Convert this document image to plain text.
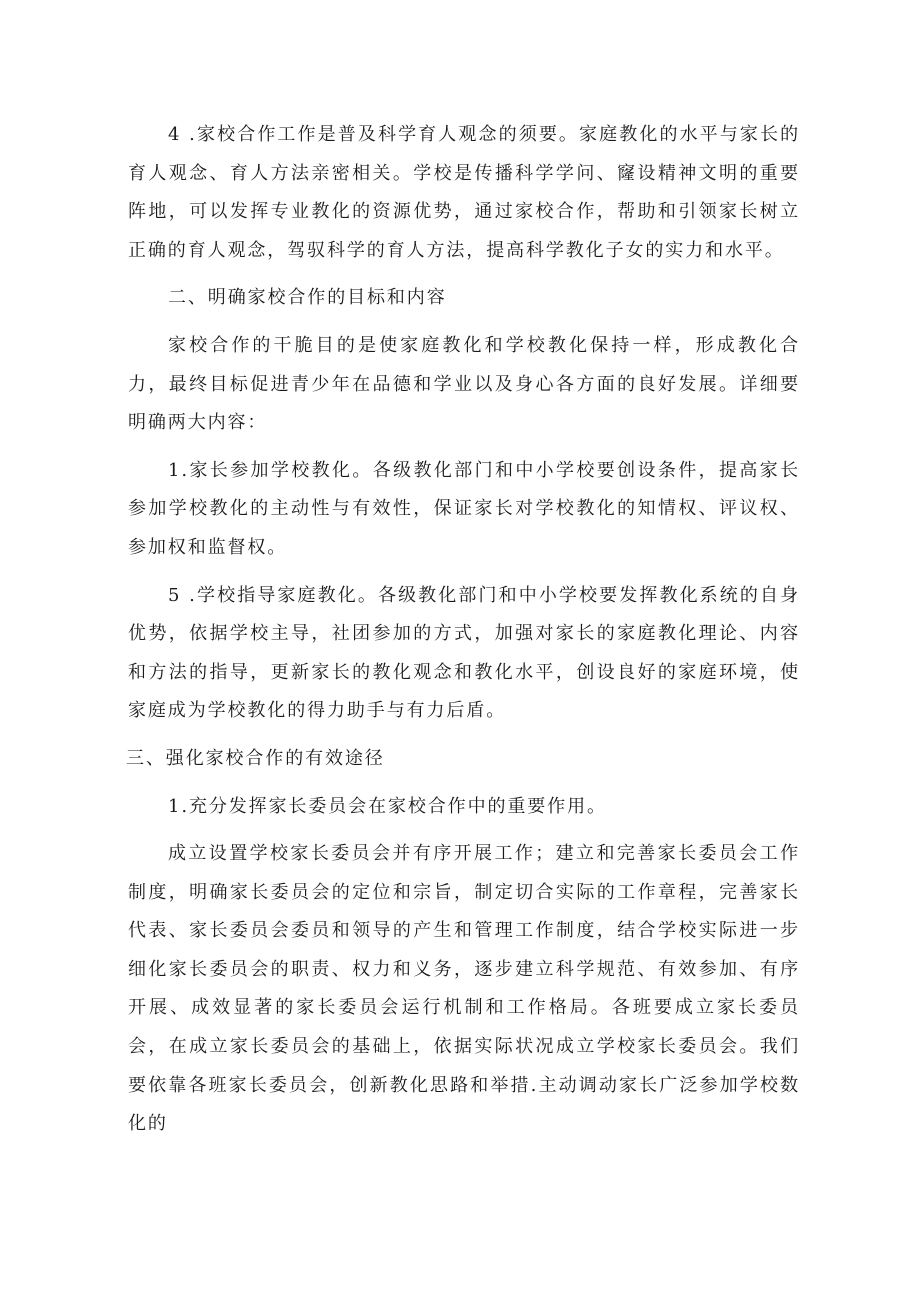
4 .家校合作工作是普及科学育人观念的须要。家庭教化的水平与家长的育人观念、育人方法亲密相关。学校是传播科学学问、窿设精神文明的重要阵地，可以发挥专业教化的资源优势，通过家校合作，帮助和引领家长树立正确的育人观念，驾驭科学的育人方法，提高科学教化子女的实力和水平。

二、明确家校合作的目标和内容

家校合作的干脆目的是使家庭教化和学校教化保持一样，形成教化合力，最终目标促进青少年在品德和学业以及身心各方面的良好发展。详细要明确两大内容：

1.家长参加学校教化。各级教化部门和中小学校要创设条件，提高家长参加学校教化的主动性与有效性，保证家长对学校教化的知情权、评议权、参加权和监督权。

5 .学校指导家庭教化。各级教化部门和中小学校要发挥教化系统的自身优势，依据学校主导，社团参加的方式，加强对家长的家庭教化理论、内容和方法的指导，更新家长的教化观念和教化水平，创设良好的家庭环境，使家庭成为学校教化的得力助手与有力后盾。

三、强化家校合作的有效途径

1.充分发挥家长委员会在家校合作中的重要作用。

成立设置学校家长委员会并有序开展工作；建立和完善家长委员会工作制度，明确家长委员会的定位和宗旨，制定切合实际的工作章程，完善家长代表、家长委员会委员和领导的产生和管理工作制度，结合学校实际进一步细化家长委员会的职责、权力和义务，逐步建立科学规范、有效参加、有序开展、成效显著的家长委员会运行机制和工作格局。各班要成立家长委员会，在成立家长委员会的基础上，依据实际状况成立学校家长委员会。我们要依靠各班家长委员会，创新教化思路和举措.主动调动家长广泛参加学校数化的
